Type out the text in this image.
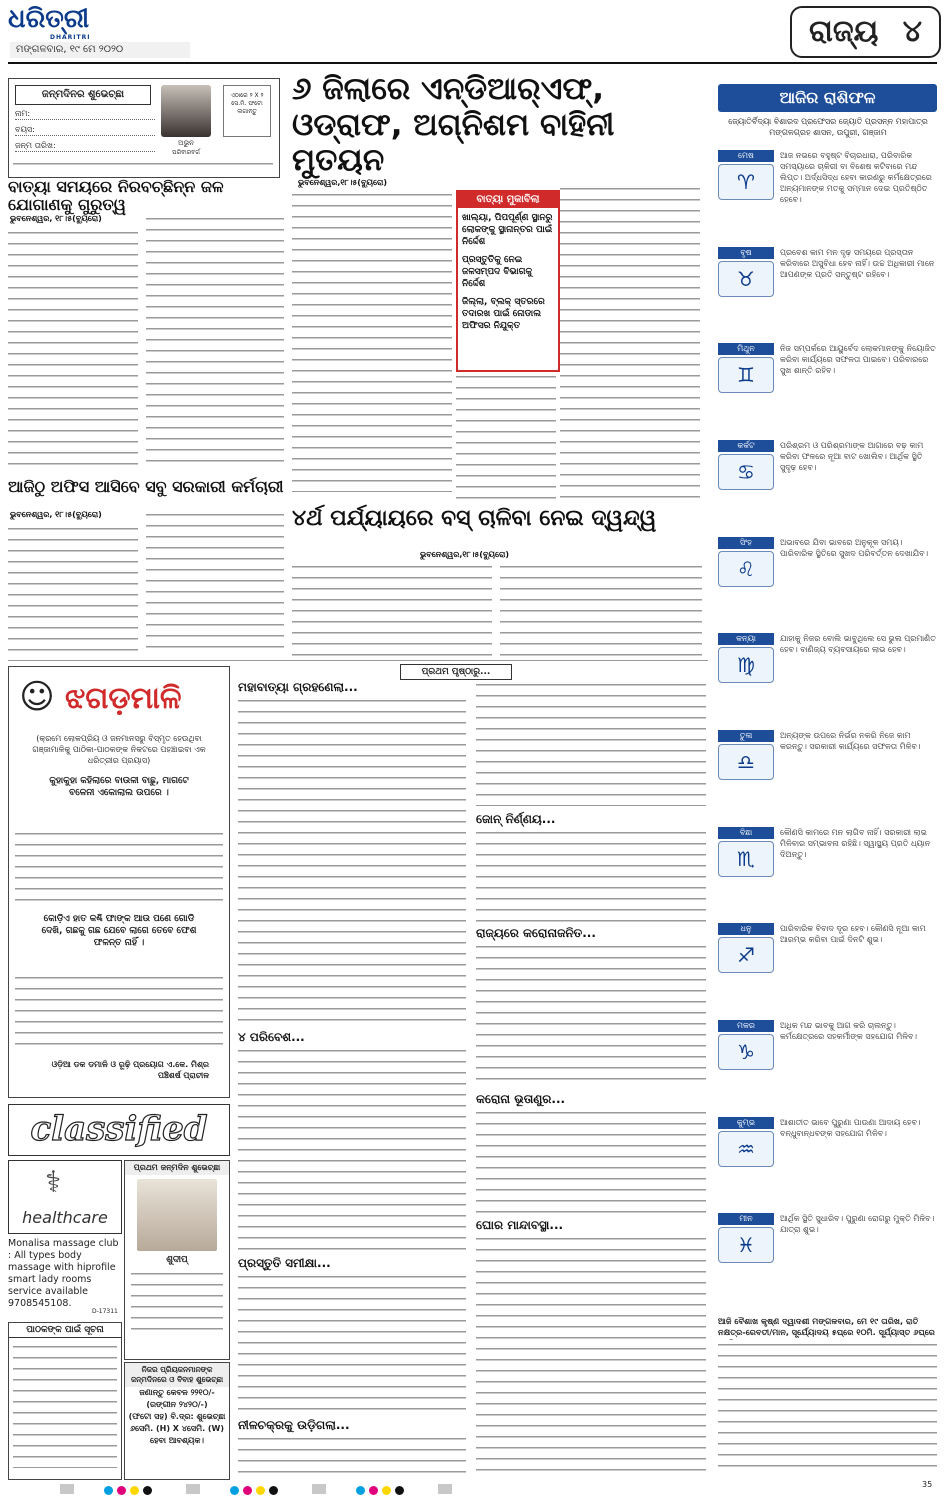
ଧରିତ୍ରୀ
DHARITRI
ମଙ୍ଗଳବାର, ୧୯ ମେ ୨୦୨୦
ରାଜ୍ୟ ୪
ଜନ୍ମଦିନର ଶୁଭେଚ୍ଛା
ନାମ:
ବୟସ:
ଜନ୍ମ ତାରିଖ:	ଅଭୁନ
ପରିବାରବର୍ଗ
ଏଠାରେ ୨ X ୨ ସେ.ମି. ଫଟୋ ଲଗାନ୍ତୁ
୬ ଜିଲାରେ ଏନ୍‌ଡିଆର୍‌ଏଫ୍‌, ଓଡ୍ରାଫ, ଅଗ୍ନିଶମ ବାହିନୀ ମୁତୟନ
ଭୁବନେଶ୍ୱର,୧୮।୫(ବ୍ୟୁରୋ)
ବାତ୍ୟା ମୁକାବିଲା
ଖାଲ୍ୟା, ପିପପୂର୍ଣ୍ଣ ସ୍ଥାନରୁ ଲୋକଙ୍କୁ ସ୍ଥାନାନ୍ତର ପାଇଁ ନିର୍ଦ୍ଦେଶ
ପ୍ରସ୍ତୁତିକୁ ନେଇ ଜଳସମ୍ପଦ ବିଭାଗକୁ ନିର୍ଦ୍ଦେଶ
ଜିଲ୍ଲା, ବ୍ଲକ୍ ସ୍ତରରେ ତଦାରଖ ପାଇଁ ନୋଡାଲ ଅଫିସର ନିଯୁକ୍ତ
ବାତ୍ୟା ସମୟରେ ନିରବଚ୍ଛିନ୍ନ ଜଳ ଯୋଗାଣକୁ ଗୁରୁତ୍ୱ
ଭୁବନେଶ୍ୱର, ୧୮।୫(ବ୍ୟୁରୋ)
ଆଜିଠୁ ଅଫିସ ଆସିବେ ସବୁ ସରକାରୀ କର୍ମଚାରୀ
ଭୁବନେଶ୍ୱର, ୧୮।୫(ବ୍ୟୁରୋ)	୪ର୍ଥ ପର୍ଯ୍ୟାୟରେ ବସ୍ ଚାଳିବା ନେଇ ଦ୍ୱନ୍ଦ୍ୱ
ଭୁବନେଶ୍ୱର,୧୮।୫(ବ୍ୟୁରୋ)
☺ ଝଗଡ଼ମାଳି
(କ୍ରମେ ଲୋକପ୍ରିୟ ଓ ଜନମାନସରୁ ବିସ୍ମୃତ ହେଉଥିବା ଗଞ୍ଜାମାଳିକୁ ପାଠିକା-ପାଠକଙ୍କ ନିକଟରେ ପହଞ୍ଚାଇବା ଏକ ଧରିତ୍ରୀର ପ୍ରୟାସ)
କୁହାକୁହା କହିଲାରେ ବାଉଳୀ ବାଛୁ, ମାଗଟେ ବଳେନୀ ଏକୋଲାଲ ଉପରେ ।
କୋଡ଼ିଏ ହାତ କଣ୍ଢି ଫାଙ୍କ ଆଉ ପଣେ ଗୋଡି ଦେଖି, ଗଛକୁ ଗଛ ଯେବେ ଲାଗେ ତେବେ ଫେଶ ଫଳନ୍ତ ନାହିଁ ।
ଓଡ଼ିଆ ଡକ ଡମାଳି ଓ ରୂଢ଼ି ପ୍ରୟୋଗ ଏ.କେ. ମିଶ୍ର ପଞ୍ଚିଶର୍ଷ ପ୍ରାଚୀଳ
ପ୍ରଥମ ପୃଷ୍ଠାରୁ...
ମହାବାତ୍ୟା ଗ୍ରହଣେଲା...
୪ ପରିବେଶ...
ପ୍ରସ୍ତୁତି ସମୀକ୍ଷା...
ନୀଳଚକ୍ରକୁ ଉଡ଼ିଗଲା...
ଜୋନ୍ ନିର୍ଣ୍ଣୟ...
ରାଜ୍ୟରେ କରୋନାଜନିତ...
କରୋନା ଭୂତାଣୁର...
ଘୋର ମାନ୍ଦାବସ୍ଥା...
classified
⚕
healthcare
Monalisa massage club : All types body massage with hiprofile smart lady rooms service available 9708545108.
D-17311
ପ୍ରଥମ ଜନ୍ମଦିନ ଶୁଭେଚ୍ଛା
ଶୁଦୀପ୍
ନିଜର ପ୍ରିୟଜନମାନଙ୍କ ଜନ୍ମଦିନରେ ଓ ବିବାହ ଶୁଭେଚ୍ଛା
ଜଣାନ୍ତୁ କେବଳ ୨୨୧୦/-
(ରଙ୍ଗୀନ ୨୪୨୦/-)
(ଫଟୋ ସହ) ବି.ଦ୍ର: ଶୁଭେଚ୍ଛା ୬ସେମି. (H) X ୪ସେମି. (W)
ହେବା ଆବଶ୍ୟକ।
ପାଠକଙ୍କ ପାଇଁ ସୂଚନା
ଆଜିର ରାଶିଫଳ
ଜ୍ୟୋତିର୍ବିଦ୍ୟା ବିଶାରଦ ପ୍ରଫେସର ଜ୍ୟୋତି ପ୍ରସନ୍ନ ମହାପାତ୍ର ମଙ୍ଗଳଗ୍ରହ ଶାସନ, ଉପୁରୀ, ଗଞ୍ଜାମ
ମେଷ
♈
ଆଜ ନଭରେ ବହୁଷ୍ଟ ବିଚାରଧାରା, ପରିବାରିକ ସମସ୍ୟାରେ ଚାକିରୀ ବା ବିଶେଷ କଟିବାରେ ମନ୍ଦ ଲିପ୍ତ। ଅର୍ଦ୍ଧସିଦ୍ଧ ହେବା କାରଣରୁ କର୍ମକ୍ଷେତ୍ରରେ ଅନ୍ୟମାନଙ୍କ ମତକୁ ସମ୍ମାନ ଦେଇ ପ୍ରତିଷ୍ଠିତ ହେବେ।
ବୃଷ
♉
ପ୍ରବେଶ କାମ ମନ ଦୃଢ଼ ସମୟରେ ପ୍ରସ୍ତାନ କରିବାରେ ଅସୁବିଧା ହେବ ନାହିଁ। ଉଚ୍ଚ ଅଧିକାରୀ ମାନେ ଆପଣଙ୍କ ପ୍ରତି ସନ୍ତୁଷ୍ଟ ରହିବେ।
ମିଥୁନ
♊
ନିଜ ସମ୍ପର୍କରେ ଆୟୁର୍ବେଦ ଲୋକମାନଙ୍କୁ ନିୟୋଜିତ କରିବା କାର୍ଯ୍ୟରେ ସଫଳତା ପାଇବେ। ପରିବାରରେ ସୁଖ ଶାନ୍ତି ରହିବ।
କର୍କଟ
♋
ପରିଶ୍ରମ ଓ ପରିଶ୍ରମାଙ୍କ ଆଗାରେ ବଢ଼ କାମ କରିବା ଫଳରେ ନୂଆ ବାଟ ଖୋଲିବ। ଆର୍ଥିକ ସ୍ଥିତି ସୁଦୃଢ଼ ହେବ।
ସିଂହ
♌
ଅଭାବରେ ଯିବା ଭାବରେ ଅନୁକୂଳ ସମୟ। ପାରିବାରିକ ସ୍ଥିତିରେ ସୁଖଦ ପରିବର୍ତ୍ତନ ଦେଖାଯିବ।
କନ୍ୟା
♍
ଯାହାକୁ ନିଜର ବୋଲି ଭାବୁଥିଲେ ସେ ଭୁଲ ପ୍ରମାଣିତ ହେବ। ବାଣିଜ୍ୟ ବ୍ୟବସାୟରେ ଲାଭ ହେବ।
ତୁଳା
♎
ଅନ୍ୟଙ୍କ ଉପରେ ନିର୍ଭର ନକରି ନିଜେ କାମ କରନ୍ତୁ। ସରକାରୀ କାର୍ଯ୍ୟରେ ସଫଳତା ମିଳିବ।
ବିଛା
♏
କୌଣସି କାମରେ ମନ ଲାଗିବ ନାହିଁ। ସରକାରୀ ଲାଭ ମିଳିବାର ସମ୍ଭାବନା ରହିଛି। ସ୍ୱାସ୍ଥ୍ୟ ପ୍ରତି ଧ୍ୟାନ ଦିଅନ୍ତୁ।
ଧନୁ
♐
ପାରିବାରିକ ବିବାଦ ଦୂର ହେବ। କୌଣସି ନୂଆ କାମ ଆରମ୍ଭ କରିବା ପାଇଁ ଦିନଟି ଶୁଭ।
ମକର
♑
ଅଧିକ ମନ୍ଦ ଭାବକୁ ଆଗ କରି ଚାଲନ୍ତୁ। କର୍ମକ୍ଷେତ୍ରରେ ସହକର୍ମୀଙ୍କ ସହଯୋଗ ମିଳିବ।
କୁମ୍ଭ
♒
ଆଶାତୀତ ଭାବେ ପୁରୁଣା ପାଉଣା ଆଦାୟ ହେବ। ବନ୍ଧୁବାନ୍ଧବଙ୍କ ସହଯୋଗ ମିଳିବ।
ମୀନ
♓
ଆର୍ଥିକ ସ୍ଥିତି ସୁଧାରିବ। ପୁରୁଣା ରୋଗରୁ ମୁକ୍ତି ମିଳିବ। ଯାତ୍ରା ଶୁଭ।
ଆଜି ବୈଶାଖ କୃଷ୍ଣ ଦ୍ୱାଦଶୀ ମଙ୍ଗଳବାର, ମେ ୧୯ ତାରିଖ, ରାତି ନକ୍ଷତ୍ର-ରେବତୀ/ମାନ, ସୂର୍ଯ୍ୟୋଦୟ ୫ଘ୍ରେ ୧୦ମି. ସୂର୍ଯ୍ୟାସ୍ତ ୬ଘ୍ରେ
35
